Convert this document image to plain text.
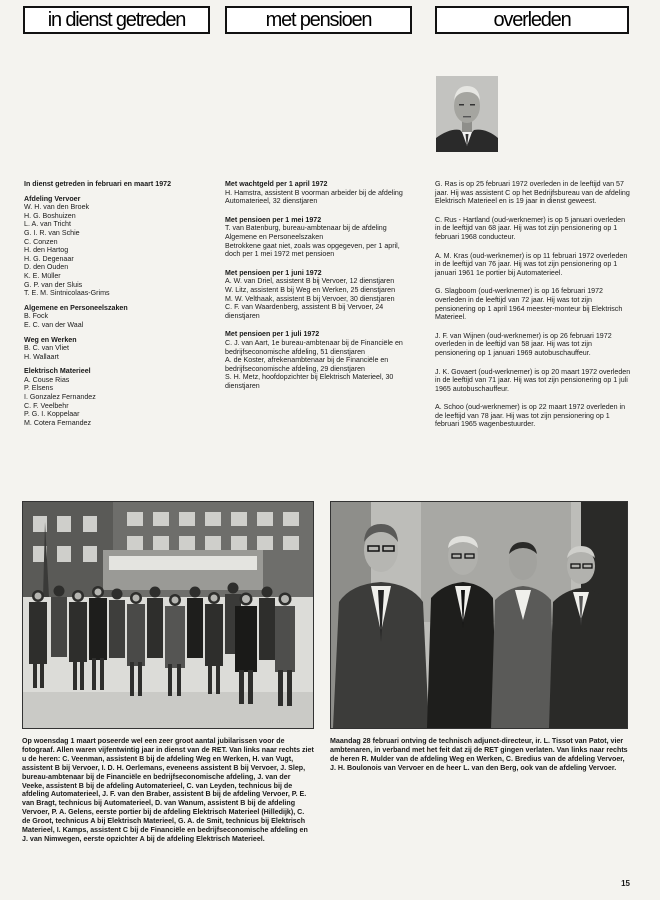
in dienst getreden	met pensioen	overleden

In dienst getreden in februari en maart 1972

Afdeling Vervoer

W. H. van den Broek

H. G. Boshuizen

L. A. van Tricht

G. I. R. van Schie

C. Conzen

H. den Hartog

H. G. Degenaar

D. den Ouden

K. E. Müller

G. P. van der Sluis

T. E. M. Sintnicolaas-Grims

Algemene en Personeelszaken

B. Fock

E. C. van der Waal

Weg en Werken

B. C. van Vliet

H. Wallaart

Elektrisch Materieel

A. Couse Rias

P. Elsens

I. Gonzalez Fernandez

C. F. Veelbehr

P. G. I. Koppelaar

M. Cotera Fernandez

Met wachtgeld per 1 april 1972

H. Hamstra, assistent B voorman arbeider bij de afdeling Automaterieel, 32 dienstjaren

Met pensioen per 1 mei 1972

T. van Batenburg, bureau-ambtenaar bij de afdeling Algemene en Personeelszaken

Betrokkene gaat niet, zoals was opgegeven, per 1 april, doch per 1 mei 1972 met pensioen

Met pensioen per 1 juni 1972

A. W. van Driel, assistent B bij Vervoer, 12 dienstjaren

W. Litz, assistent B bij Weg en Werken, 25 dienstjaren

M. W. Velthaak, assistent B bij Vervoer, 30 dienstjaren

C. F. van Waardenberg, assistent B bij Vervoer, 24 dienstjaren

Met pensioen per 1 juli 1972

C. J. van Aart, 1e bureau-ambtenaar bij de Financiële en bedrijfseconomische afdeling, 51 dienstjaren

A. de Koster, afrekenambtenaar bij de Financiële en bedrijfseconomische afdeling, 29 dienstjaren

S. H. Metz, hoofdopzichter bij Elektrisch Materieel, 30 dienstjaren

G. Ras is op 25 februari 1972 overleden in de leeftijd van 57 jaar. Hij was assistent C op het Bedrijfsbureau van de afdeling Elektrisch Materieel en is 19 jaar in dienst geweest.

C. Rus - Hartland (oud-werknemer) is op 5 januari overleden in de leeftijd van 68 jaar. Hij was tot zijn pensionering op 1 februari 1968 conducteur.

A. M. Kras (oud-werknemer) is op 11 februari 1972 overleden in de leeftijd van 76 jaar. Hij was tot zijn pensionering op 1 januari 1961 1e portier bij Automaterieel.

G. Slagboom (oud-werknemer) is op 16 februari 1972 overleden in de leeftijd van 72 jaar. Hij was tot zijn pensionering op 1 april 1964 meester-monteur bij Elektrisch Materieel.

J. F. van Wijnen (oud-werknemer) is op 26 februari 1972 overleden in de leeftijd van 58 jaar. Hij was tot zijn pensionering op 1 januari 1969 autobuschauffeur.

J. K. Govaert (oud-werknemer) is op 20 maart 1972 overleden in de leeftijd van 71 jaar. Hij was tot zijn pensionering op 1 juli 1965 autobuschauffeur.

A. Schoo (oud-werknemer) is op 22 maart 1972 overleden in de leeftijd van 78 jaar. Hij was tot zijn pensionering op 1 februari 1965 wagenbestuurder.

Op woensdag 1 maart poseerde wel een zeer groot aantal jubilarissen voor de fotograaf. Allen waren vijfentwintig jaar in dienst van de RET. Van links naar rechts ziet u de heren: C. Veenman, assistent B bij de afdeling Weg en Werken, H. van Vugt, assistent B bij Vervoer, I. D. H. Oerlemans, eveneens assistent B bij Vervoer, J. Slep, bureau-ambtenaar bij de Financiële en bedrijfseconomische afdeling, J. van der Veeke, assistent B bij de afdeling Automaterieel, C. van Leyden, technicus bij de afdeling Automaterieel, J. F. van den Braber, assistent B bij de afdeling Vervoer, P. E. van Bragt, technicus bij Automaterieel, D. van Wanum, assistent B bij de afdeling Vervoer, P. A. Gelens, eerste portier bij de afdeling Elektrisch Materieel (Hilledijk), C. de Groot, technicus A bij Elektrisch Materieel, G. A. de Smit, technicus bij Elektrisch Materieel, I. Kamps, assistent C bij de Financiële en bedrijfseconomische afdeling en J. van Nimwegen, eerste opzichter A bij de afdeling Elektrisch Materieel.
Maandag 28 februari ontving de technisch adjunct-directeur, ir. L. Tissot van Patot, vier ambtenaren, in verband met het feit dat zij de RET gingen verlaten. Van links naar rechts de heren R. Mulder van de afdeling Weg en Werken, C. Bredius van de afdeling Vervoer, J. H. Boulonois van Vervoer en de heer L. van den Berg, ook van de afdeling Vervoer.
15
